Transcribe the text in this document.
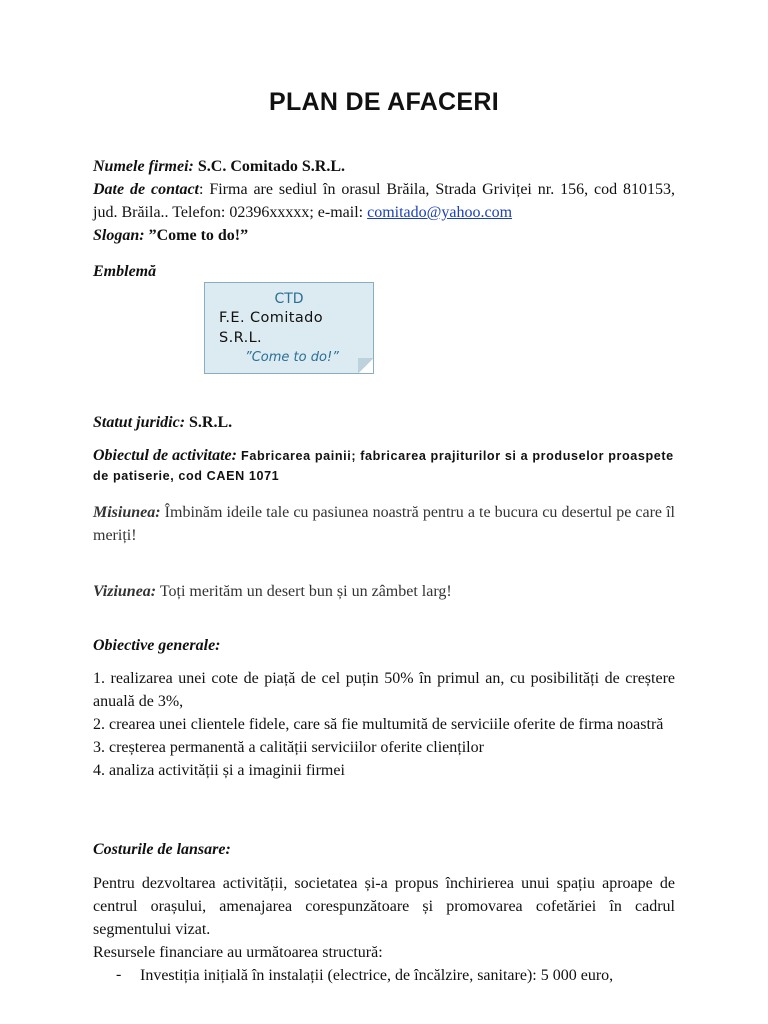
PLAN DE AFACERI
Numele firmei: S.C. Comitado S.R.L.
Date de contact: Firma are sediul în orasul Brăila, Strada Griviței nr. 156, cod 810153, jud. Brăila.. Telefon: 02396xxxxx; e-mail: comitado@yahoo.com
Slogan: ”Come to do!”
Emblemă
CTD
F.E. Comitado
S.R.L.
”Come to do!”
Statut juridic: S.R.L.
Obiectul de activitate: Fabricarea painii; fabricarea prajiturilor si a produselor proaspete de patiserie, cod CAEN 1071
Misiunea: Îmbinăm ideile tale cu pasiunea noastră pentru a te bucura cu desertul pe care îl meriți!
Viziunea: Toți merităm un desert bun și un zâmbet larg!
Obiective generale:
1. realizarea unei cote de piață de cel puțin 50% în primul an, cu posibilități de creștere anuală de 3%,
2. crearea unei clientele fidele, care să fie multumită de serviciile oferite de firma noastră
3. creșterea permanentă a calității serviciilor oferite clienților
4. analiza activității și a imaginii firmei
Costurile de lansare:
Pentru dezvoltarea activității, societatea și-a propus închirierea unui spațiu aproape de centrul orașului, amenajarea corespunzătoare și promovarea cofetăriei în cadrul segmentului vizat.
Resursele financiare au următoarea structură:
- Investiția inițială în instalații (electrice, de încălzire, sanitare): 5 000 euro,
